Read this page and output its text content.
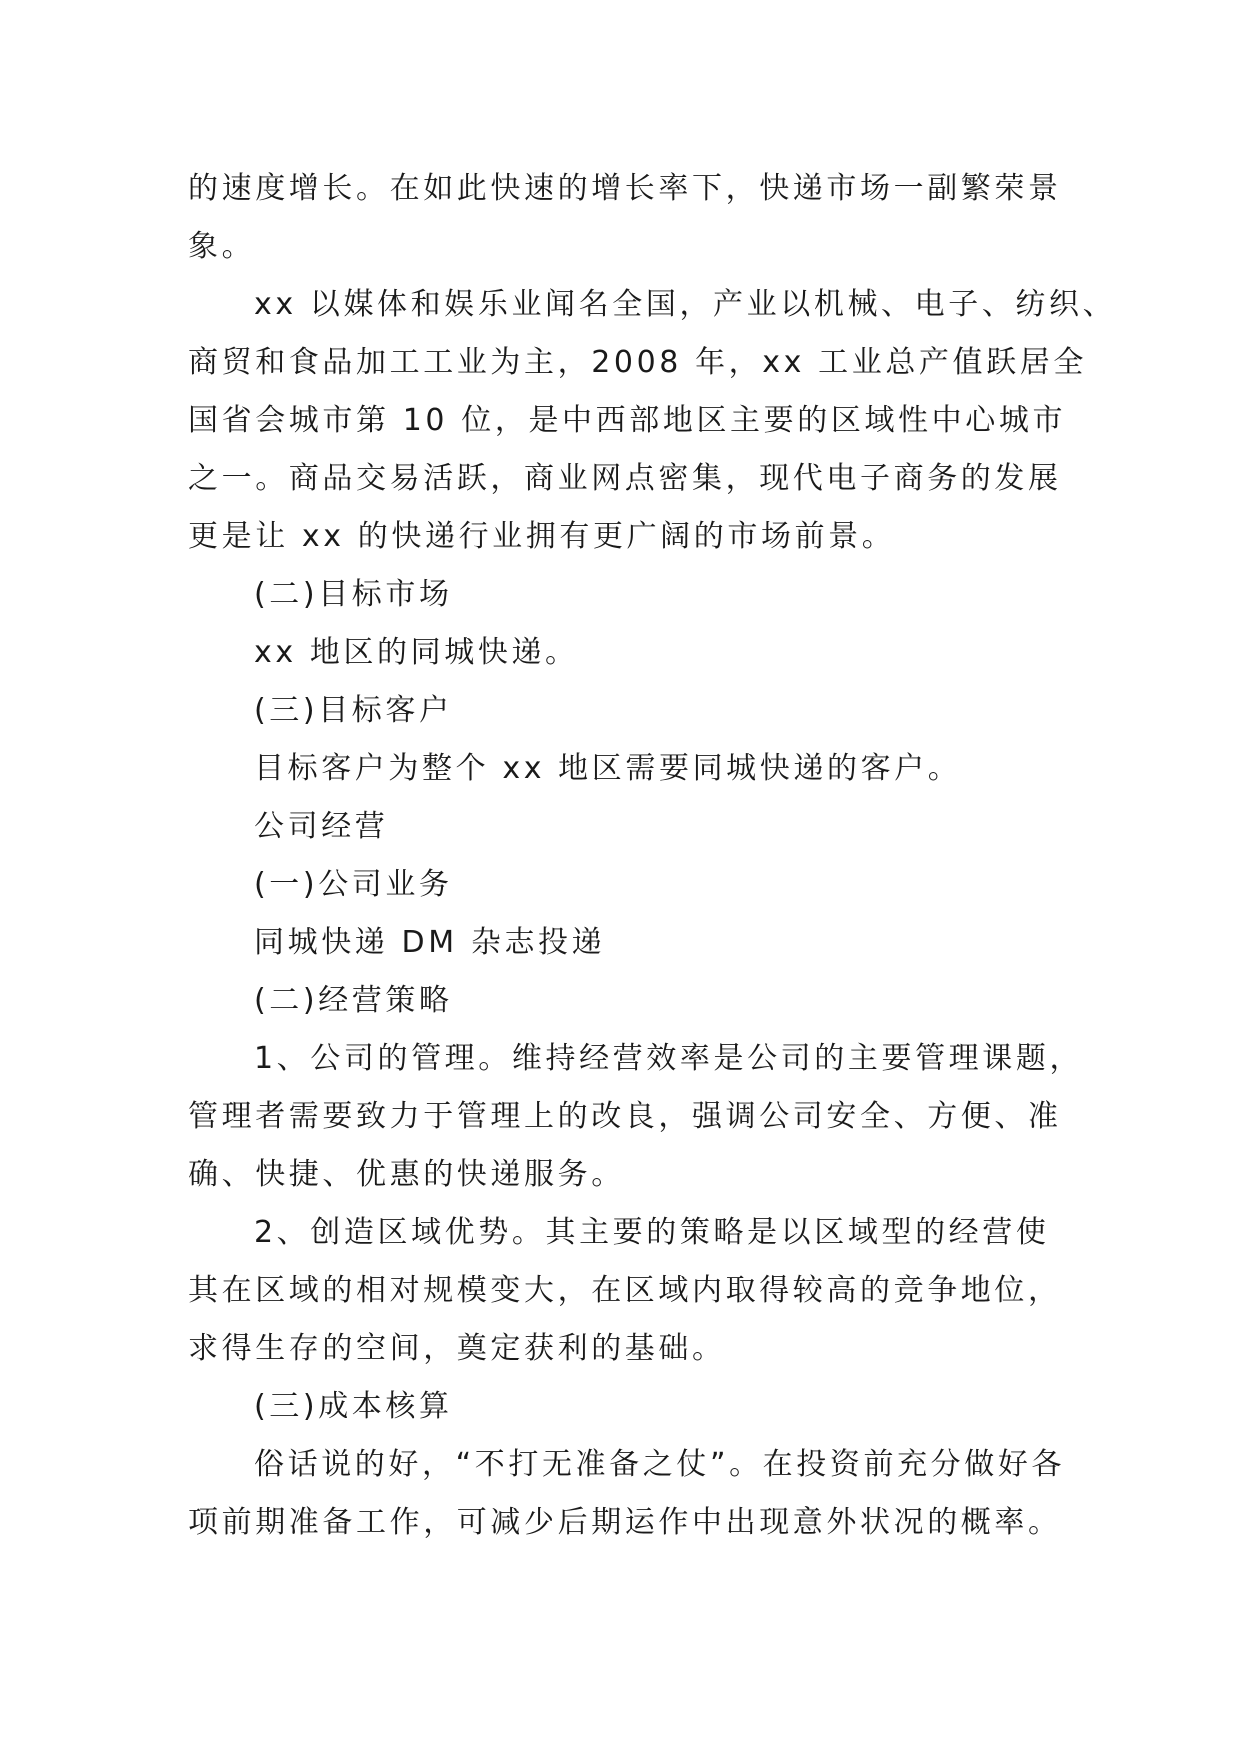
的速度增长。在如此快速的增长率下，快递市场一副繁荣景
象。
xx 以媒体和娱乐业闻名全国，产业以机械、电子、纺织、
商贸和食品加工工业为主，2008 年，xx 工业总产值跃居全
国省会城市第 10 位，是中西部地区主要的区域性中心城市
之一。商品交易活跃，商业网点密集，现代电子商务的发展
更是让 xx 的快递行业拥有更广阔的市场前景。
(二)目标市场
xx 地区的同城快递。
(三)目标客户
目标客户为整个 xx 地区需要同城快递的客户。
公司经营
(一)公司业务
同城快递 DM 杂志投递
(二)经营策略
1、公司的管理。维持经营效率是公司的主要管理课题，
管理者需要致力于管理上的改良，强调公司安全、方便、准
确、快捷、优惠的快递服务。
2、创造区域优势。其主要的策略是以区域型的经营使
其在区域的相对规模变大，在区域内取得较高的竞争地位，
求得生存的空间，奠定获利的基础。
(三)成本核算
俗话说的好，“不打无准备之仗”。在投资前充分做好各
项前期准备工作，可减少后期运作中出现意外状况的概率。
